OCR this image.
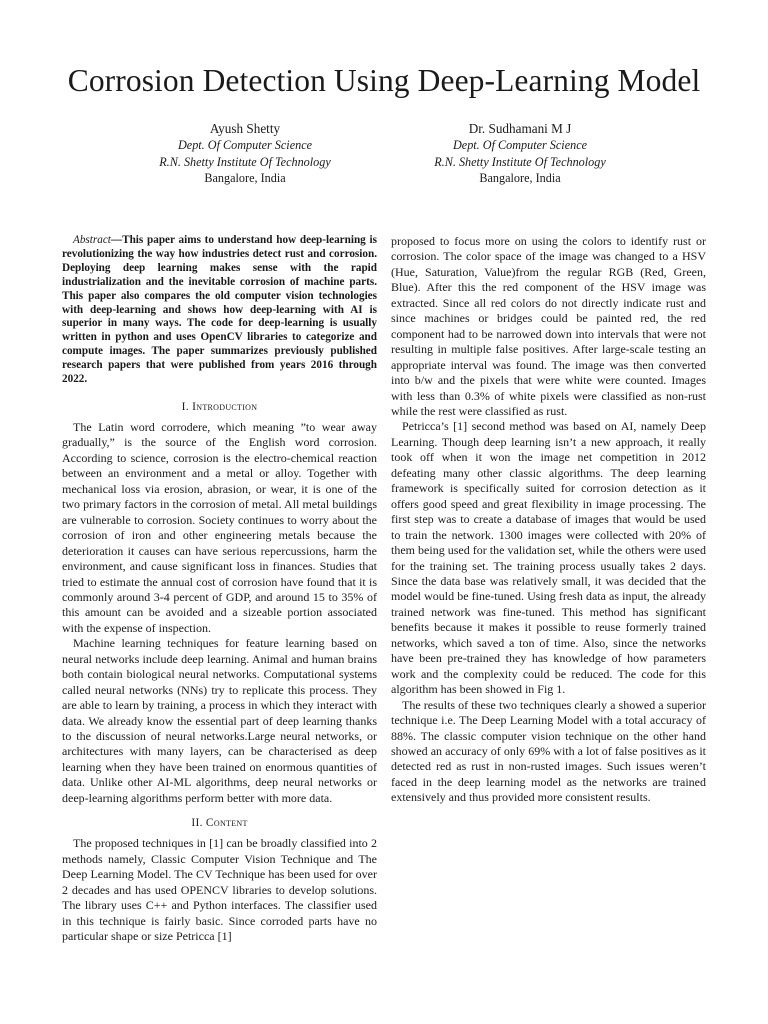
Corrosion Detection Using Deep-Learning Model
Ayush Shetty
Dept. Of Computer Science
R.N. Shetty Institute Of Technology
Bangalore, India
Dr. Sudhamani M J
Dept. Of Computer Science
R.N. Shetty Institute Of Technology
Bangalore, India

Abstract—This paper aims to understand how deep-learning is revolutionizing the way how industries detect rust and corrosion. Deploying deep learning makes sense with the rapid industrialization and the inevitable corrosion of machine parts. This paper also compares the old computer vision technologies with deep-learning and shows how deep-learning with AI is superior in many ways. The code for deep-learning is usually written in python and uses OpenCV libraries to categorize and compute images. The paper summarizes previously published research papers that were published from years 2016 through 2022.

I. Introduction

The Latin word corrodere, which meaning ”to wear away gradually,” is the source of the English word corrosion. According to science, corrosion is the electro-chemical reaction between an environment and a metal or alloy. Together with mechanical loss via erosion, abrasion, or wear, it is one of the two primary factors in the corrosion of metal. All metal buildings are vulnerable to corrosion. Society continues to worry about the corrosion of iron and other engineering metals because the deterioration it causes can have serious repercussions, harm the environment, and cause significant loss in finances. Studies that tried to estimate the annual cost of corrosion have found that it is commonly around 3-4 percent of GDP, and around 15 to 35% of this amount can be avoided and a sizeable portion associated with the expense of inspection.

Machine learning techniques for feature learning based on neural networks include deep learning. Animal and human brains both contain biological neural networks. Computational systems called neural networks (NNs) try to replicate this process. They are able to learn by training, a process in which they interact with data. We already know the essential part of deep learning thanks to the discussion of neural networks.Large neural networks, or architectures with many layers, can be characterised as deep learning when they have been trained on enormous quantities of data. Unlike other AI-ML algorithms, deep neural networks or deep-learning algorithms perform better with more data.

II. Content

The proposed techniques in [1] can be broadly classified into 2 methods namely, Classic Computer Vision Technique and The Deep Learning Model. The CV Technique has been used for over 2 decades and has used OPENCV libraries to develop solutions. The library uses C++ and Python interfaces. The classifier used in this technique is fairly basic. Since corroded parts have no particular shape or size Petricca [1]

proposed to focus more on using the colors to identify rust or corrosion. The color space of the image was changed to a HSV (Hue, Saturation, Value)from the regular RGB (Red, Green, Blue). After this the red component of the HSV image was extracted. Since all red colors do not directly indicate rust and since machines or bridges could be painted red, the red component had to be narrowed down into intervals that were not resulting in multiple false positives. After large-scale testing an appropriate interval was found. The image was then converted into b/w and the pixels that were white were counted. Images with less than 0.3% of white pixels were classified as non-rust while the rest were classified as rust.

Petricca’s [1] second method was based on AI, namely Deep Learning. Though deep learning isn’t a new approach, it really took off when it won the image net competition in 2012 defeating many other classic algorithms. The deep learning framework is specifically suited for corrosion detection as it offers good speed and great flexibility in image processing. The first step was to create a database of images that would be used to train the network. 1300 images were collected with 20% of them being used for the validation set, while the others were used for the training set. The training process usually takes 2 days. Since the data base was relatively small, it was decided that the model would be fine-tuned. Using fresh data as input, the already trained network was fine-tuned. This method has significant benefits because it makes it possible to reuse formerly trained networks, which saved a ton of time. Also, since the networks have been pre-trained they has knowledge of how parameters work and the complexity could be reduced. The code for this algorithm has been showed in Fig 1.

The results of these two techniques clearly a showed a superior technique i.e. The Deep Learning Model with a total accuracy of 88%. The classic computer vision technique on the other hand showed an accuracy of only 69% with a lot of false positives as it detected red as rust in non-rusted images. Such issues weren’t faced in the deep learning model as the networks are trained extensively and thus provided more consistent results.
